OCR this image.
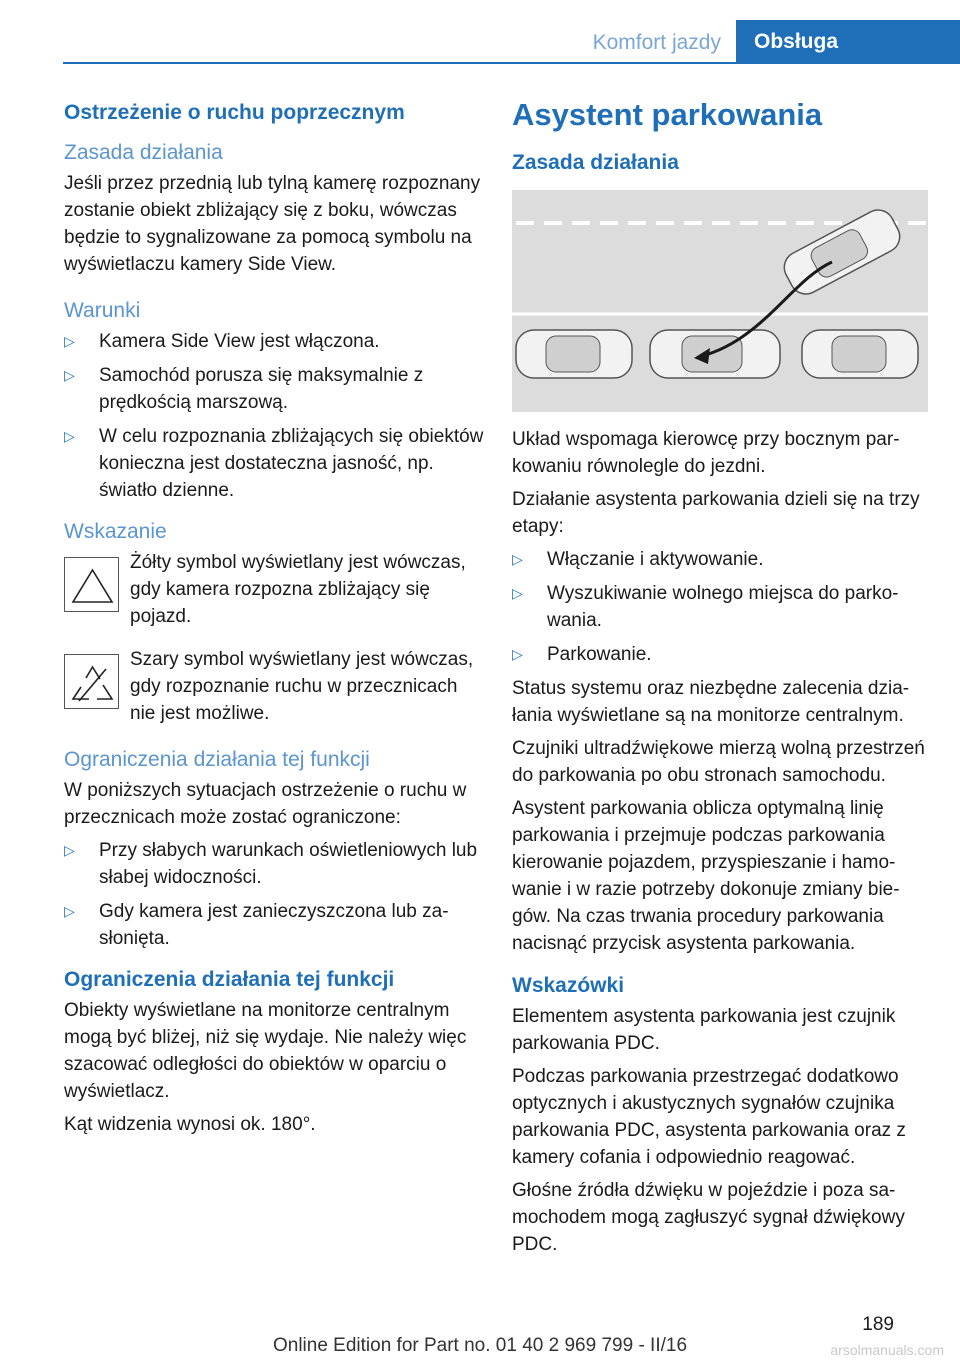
Komfort jazdy	Obsługa
Ostrzeżenie o ruchu poprzecznym
Zasada działania
Jeśli przez przednią lub tylną kamerę rozpoznany zostanie obiekt zbliżający się z boku, wówczas będzie to sygnalizowane za pomocą symbolu na wyświetlaczu kamery Side View.
Warunki
▷ Kamera Side View jest włączona.
▷ Samochód porusza się maksymalnie z prędkością marszową.
▷ W celu rozpoznania zbliżających się obiektów konieczna jest dostateczna jasność, np. światło dzienne.
Wskazanie
Żółty symbol wyświetlany jest wówczas, gdy kamera rozpozna zbliżający się pojazd.
Szary symbol wyświetlany jest wówczas, gdy rozpoznanie ruchu w przecznicach nie jest możliwe.
Ograniczenia działania tej funkcji
W poniższych sytuacjach ostrzeżenie o ruchu w przecznicach może zostać ograniczone:
▷ Przy słabych warunkach oświetleniowych lub słabej widoczności.
▷ Gdy kamera jest zanieczyszczona lub zasłonięta.
Ograniczenia działania tej funkcji
Obiekty wyświetlane na monitorze centralnym mogą być bliżej, niż się wydaje. Nie należy więc szacować odległości do obiektów w oparciu o wyświetlacz.
Kąt widzenia wynosi ok. 180°.
Asystent parkowania
Zasada działania
Układ wspomaga kierowcę przy bocznym parkowaniu równolegle do jezdni.
Działanie asystenta parkowania dzieli się na trzy etapy:
▷ Włączanie i aktywowanie.
▷ Wyszukiwanie wolnego miejsca do parkowania.
▷ Parkowanie.
Status systemu oraz niezbędne zalecenia działania wyświetlane są na monitorze centralnym.
Czujniki ultradźwiękowe mierzą wolną przestrzeń do parkowania po obu stronach samochodu.
Asystent parkowania oblicza optymalną linię parkowania i przejmuje podczas parkowania kierowanie pojazdem, przyspieszanie i hamowanie i w razie potrzeby dokonuje zmiany biegów. Na czas trwania procedury parkowania nacisnąć przycisk asystenta parkowania.
Wskazówki
Elementem asystenta parkowania jest czujnik parkowania PDC.
Podczas parkowania przestrzegać dodatkowo optycznych i akustycznych sygnałów czujnika parkowania PDC, asystenta parkowania oraz z kamery cofania i odpowiednio reagować.
Głośne źródła dźwięku w pojeździe i poza samochodem mogą zagłuszyć sygnał dźwiękowy PDC.
189
Online Edition for Part no. 01 40 2 969 799 - II/16	arsolmanuals.com
